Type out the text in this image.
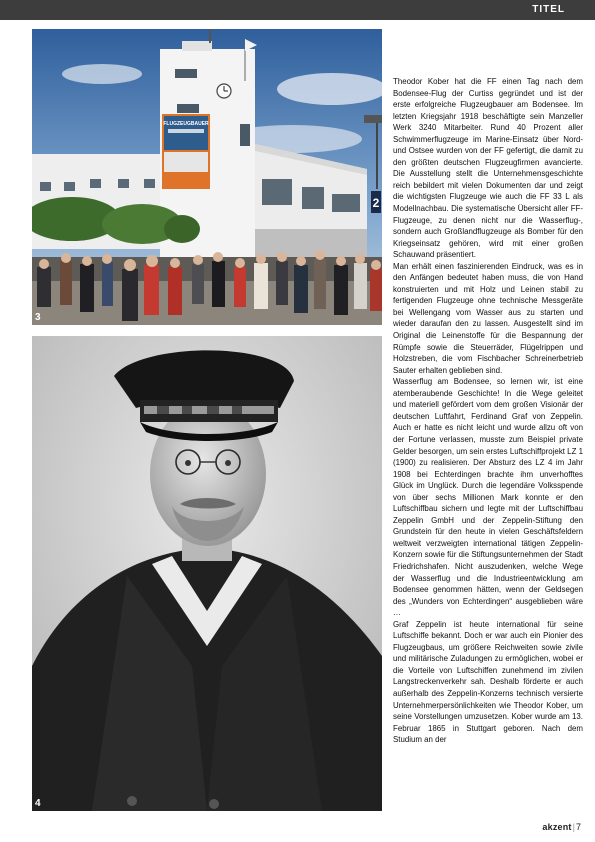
TITEL
FLUGZEUGBAUER
2
3
4

Theodor Kober hat die FF einen Tag nach dem Bodensee-Flug der Curtiss gegründet und ist der erste erfolgreiche Flugzeugbauer am Bodensee. Im letzten Kriegsjahr 1918 beschäftigte sein Manzeller Werk 3240 Mitarbeiter. Rund 40 Prozent aller Schwimmerflugzeuge im Marine-Einsatz über Nord- und Ostsee wurden von der FF gefertigt, die damit zu den größten deutschen Flugzeugfirmen avancierte. Die Ausstellung stellt die Unternehmensgeschichte reich bebildert mit vielen Dokumenten dar und zeigt die wichtigsten Flugzeuge wie auch die FF 33 L als Modellnachbau. Die systematische Übersicht aller FF-Flugzeuge, zu denen nicht nur die Wasserflug-, sondern auch Großlandflugzeuge als Bomber für den Kriegseinsatz gehören, wird mit einer großen Schauwand präsentiert.

Man erhält einen faszinierenden Eindruck, was es in den Anfängen bedeutet haben muss, die von Hand konstruierten und mit Holz und Leinen stabil zu fertigenden Flugzeuge ohne technische Messgeräte bei Wellengang vom Wasser aus zu starten und wieder daraufan den zu lassen. Ausgestellt sind im Original die Leinenstoffe für die Bespannung der Rümpfe sowie die Steuerräder, Flügelrippen und Holzstreben, die vom Fischbacher Schreinerbetrieb Sauter erhalten geblieben sind.

Wasserflug am Bodensee, so lernen wir, ist eine atemberaubende Geschichte! In die Wege geleitet und materiell gefördert vom dem großen Visionär der deutschen Luftfahrt, Ferdinand Graf von Zeppelin. Auch er hatte es nicht leicht und wurde allzu oft von der Fortune verlassen, musste zum Beispiel private Gelder besorgen, um sein erstes Luftschiffprojekt LZ 1 (1900) zu realisieren. Der Absturz des LZ 4 im Jahr 1908 bei Echterdingen brachte ihm unverhofftes Glück im Unglück. Durch die legendäre Volksspende von über sechs Millionen Mark konnte er den Luftschiffbau sichern und legte mit der Luftschiffbau Zeppelin GmbH und der Zeppelin-Stiftung den Grundstein für den heute in vielen Geschäftsfeldern weltweit verzweigten international tätigen Zeppelin-Konzern sowie für die Stiftungsunternehmen der Stadt Friedrichshafen. Nicht auszudenken, welche Wege der Wasserflug und die Industrieentwicklung am Bodensee genommen hätten, wenn der Geldsegen des „Wunders von Echterdingen“ ausgeblieben wäre …

Graf Zeppelin ist heute international für seine Luftschiffe bekannt. Doch er war auch ein Pionier des Flugzeugbaus, um größere Reichweiten sowie zivile und militärische Zuladungen zu ermöglichen, wobei er die Vorteile von Luftschiffen zunehmend im zivilen Langstreckenverkehr sah. Deshalb förderte er auch außerhalb des Zeppelin-Konzerns technisch versierte Unternehmerpersönlichkeiten wie Theodor Kober, um seine Vorstellungen umzusetzen. Kober wurde am 13. Februar 1865 in Stuttgart geboren. Nach dem Studium an der

akzent|7
